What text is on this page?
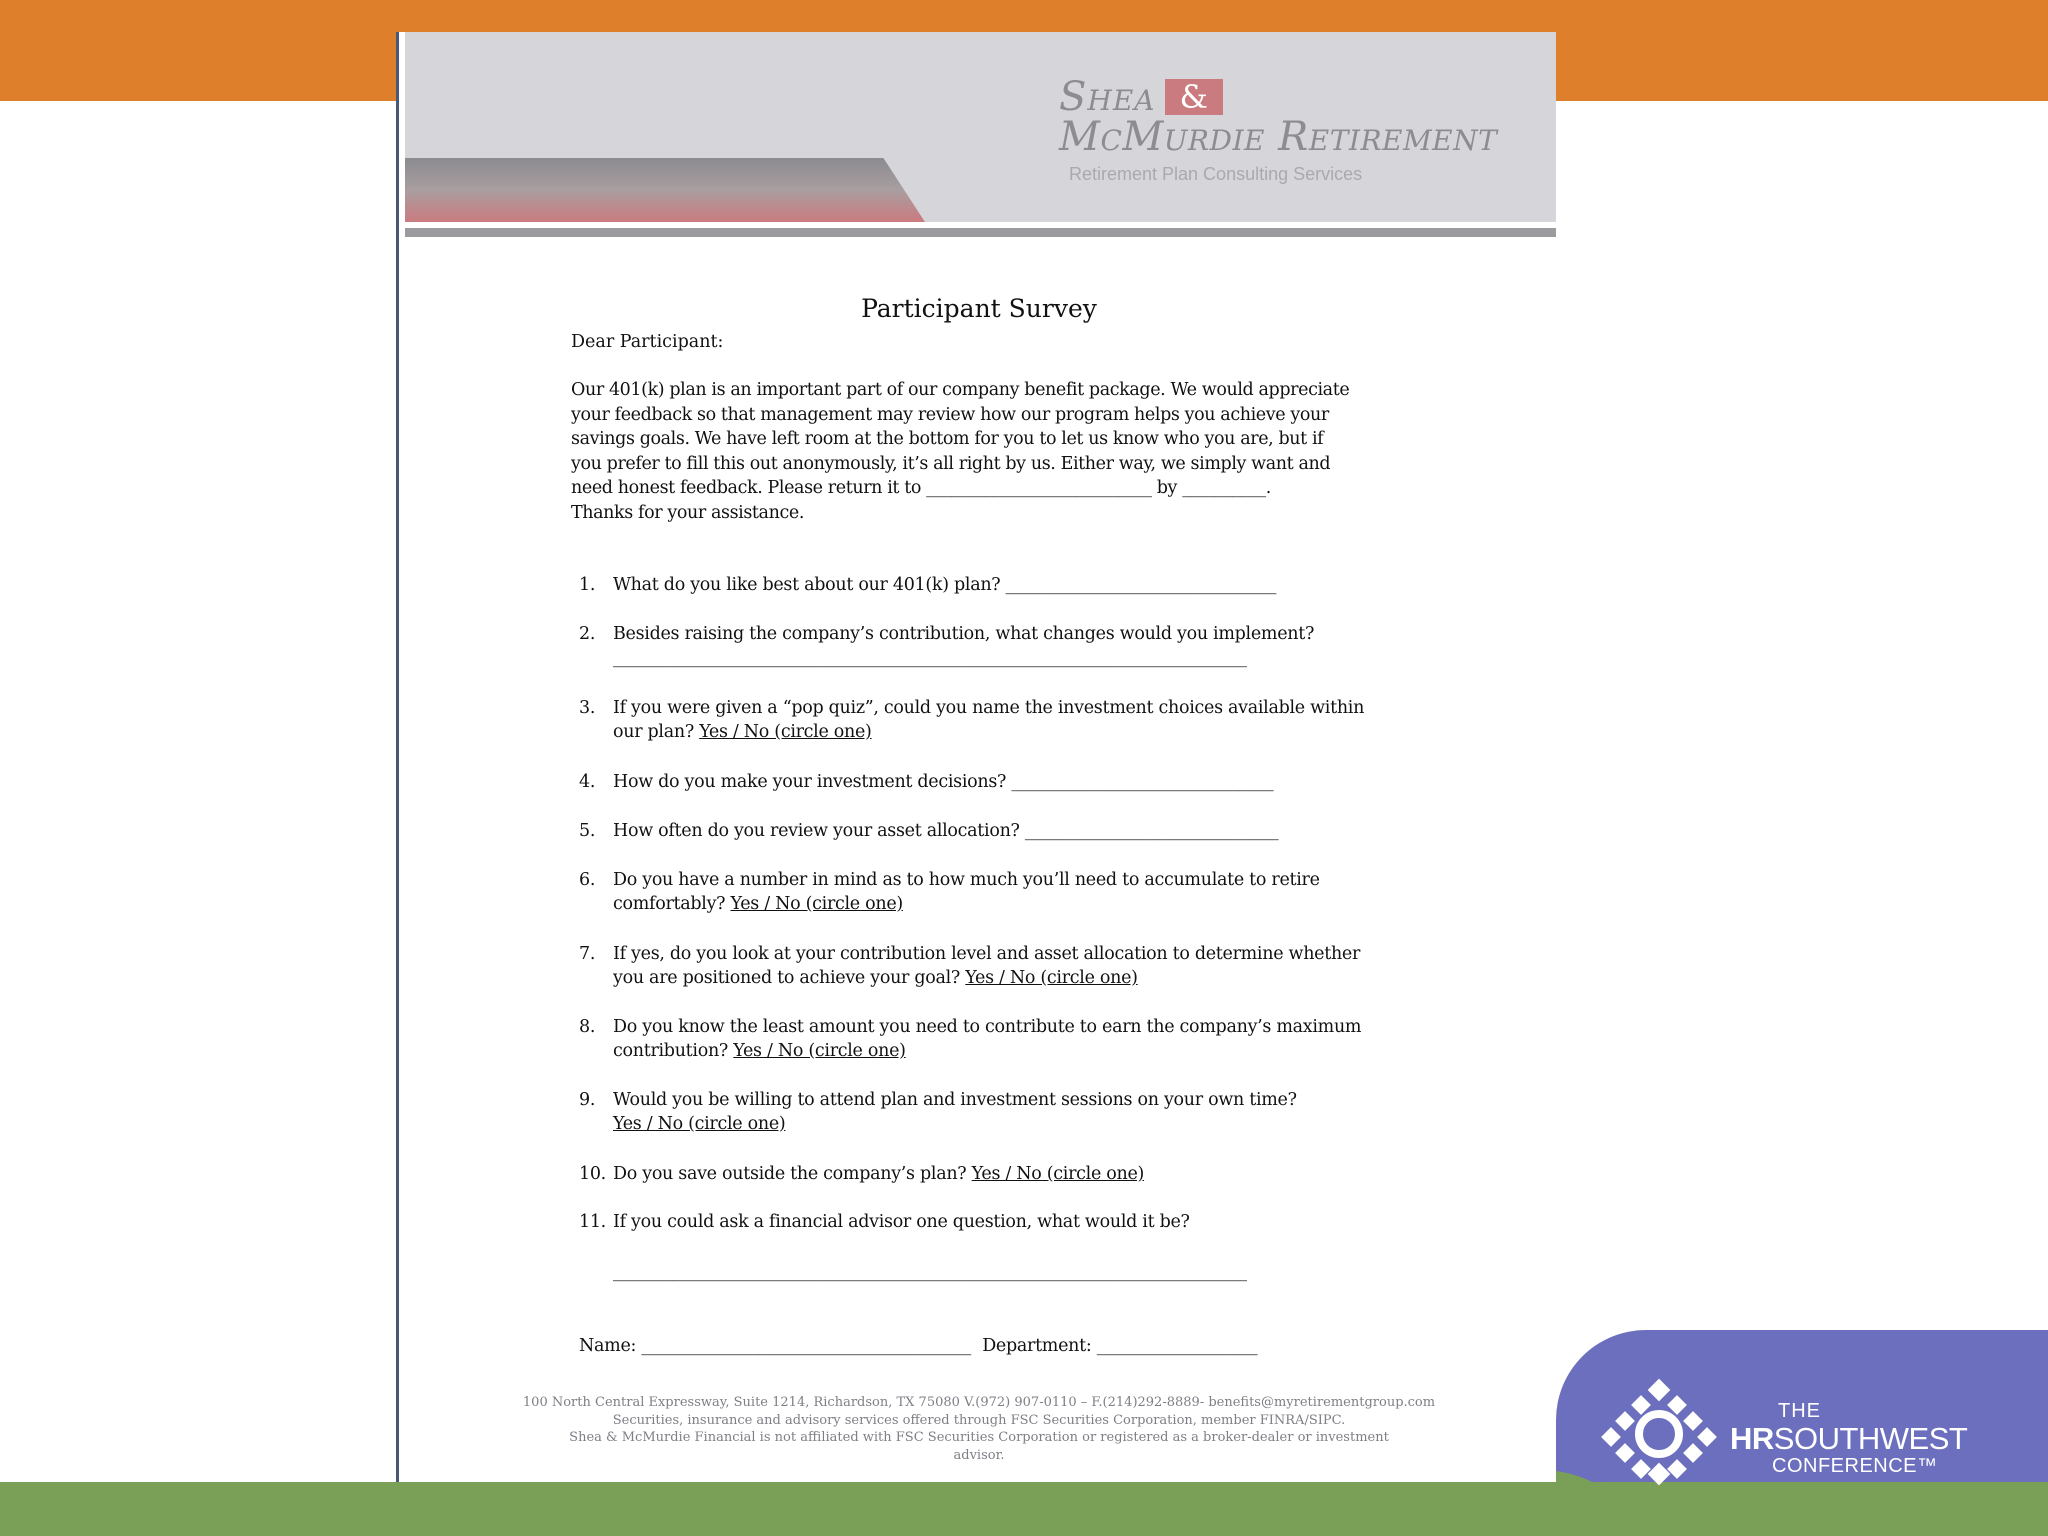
Shea &
McMurdie Retirement
Retirement Plan Consulting Services
Participant Survey
Dear Participant:
Our 401(k) plan is an important part of our company benefit package. We would appreciate
your feedback so that management may review how our program helps you achieve your
savings goals. We have left room at the bottom for you to let us know who you are, but if
you prefer to fill this out anonymously, it’s all right by us. Either way, we simply want and
need honest feedback. Please return it to ___________________________ by __________.
Thanks for your assistance.
1. What do you like best about our 401(k) plan? ________________________________
2. Besides raising the company’s contribution, what changes would you implement?
___________________________________________________________________________
3. If you were given a “pop quiz”, could you name the investment choices available within
our plan? Yes / No (circle one)
4. How do you make your investment decisions? _______________________________
5. How often do you review your asset allocation? ______________________________
6. Do you have a number in mind as to how much you’ll need to accumulate to retire
comfortably? Yes / No (circle one)
7. If yes, do you look at your contribution level and asset allocation to determine whether
you are positioned to achieve your goal? Yes / No (circle one)
8. Do you know the least amount you need to contribute to earn the company’s maximum
contribution? Yes / No (circle one)
9. Would you be willing to attend plan and investment sessions on your own time?
Yes / No (circle one)
10. Do you save outside the company’s plan? Yes / No (circle one)
11. If you could ask a financial advisor one question, what would it be?
___________________________________________________________________________
Name: _______________________________________ Department: ___________________
100 North Central Expressway, Suite 1214, Richardson, TX 75080 V.(972) 907-0110 – F.(214)292-8889- benefits@myretirementgroup.com
Securities, insurance and advisory services offered through FSC Securities Corporation, member FINRA/SIPC.
Shea & McMurdie Financial is not affiliated with FSC Securities Corporation or registered as a broker-dealer or investment
advisor.
THE
HRSOUTHWEST
CONFERENCE™
